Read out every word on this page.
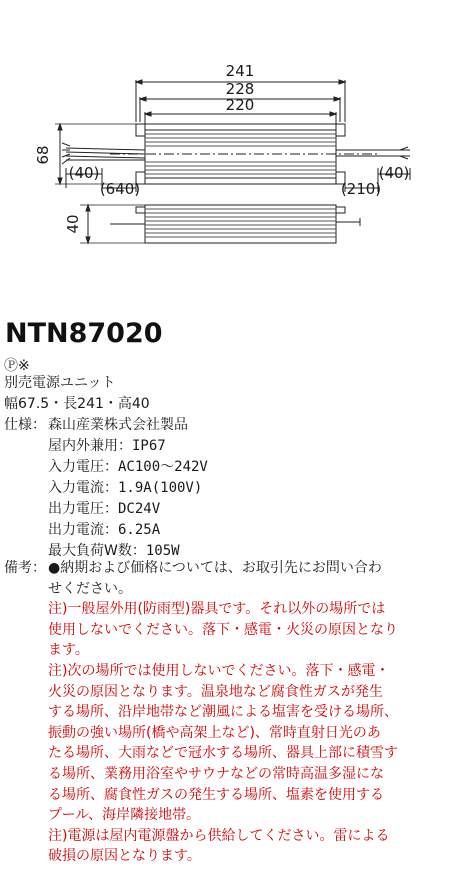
241
228
220
68
(40)
(640)	(210)
(40)
40
NTN87020
Ⓟ※
別売電源ユニット
幅67.5・長241・高40
仕様： 森山産業株式会社製品
屋内外兼用：IP67
入力電圧：AC100〜242V
入力電流：1.9A(100V)
出力電圧：DC24V
出力電流：6.25A
最大負荷W数：105W
備考： ●納期および価格については、お取引先にお問い合わ

せください。

注)一般屋外用(防雨型)器具です。それ以外の場所では

使用しないでください。落下・感電・火災の原因となり

ます。

注)次の場所では使用しないでください。落下・感電・

火災の原因となります。温泉地など腐食性ガスが発生

する場所、沿岸地帯など潮風による塩害を受ける場所、

振動の強い場所(橋や高架上など)、常時直射日光のあ

たる場所、大雨などで冠水する場所、器具上部に積雪す

る場所、業務用浴室やサウナなどの常時高温多湿にな

る場所、腐食性ガスの発生する場所、塩素を使用する

プール、海岸隣接地帯。

注)電源は屋内電源盤から供給してください。雷による

破損の原因となります。
